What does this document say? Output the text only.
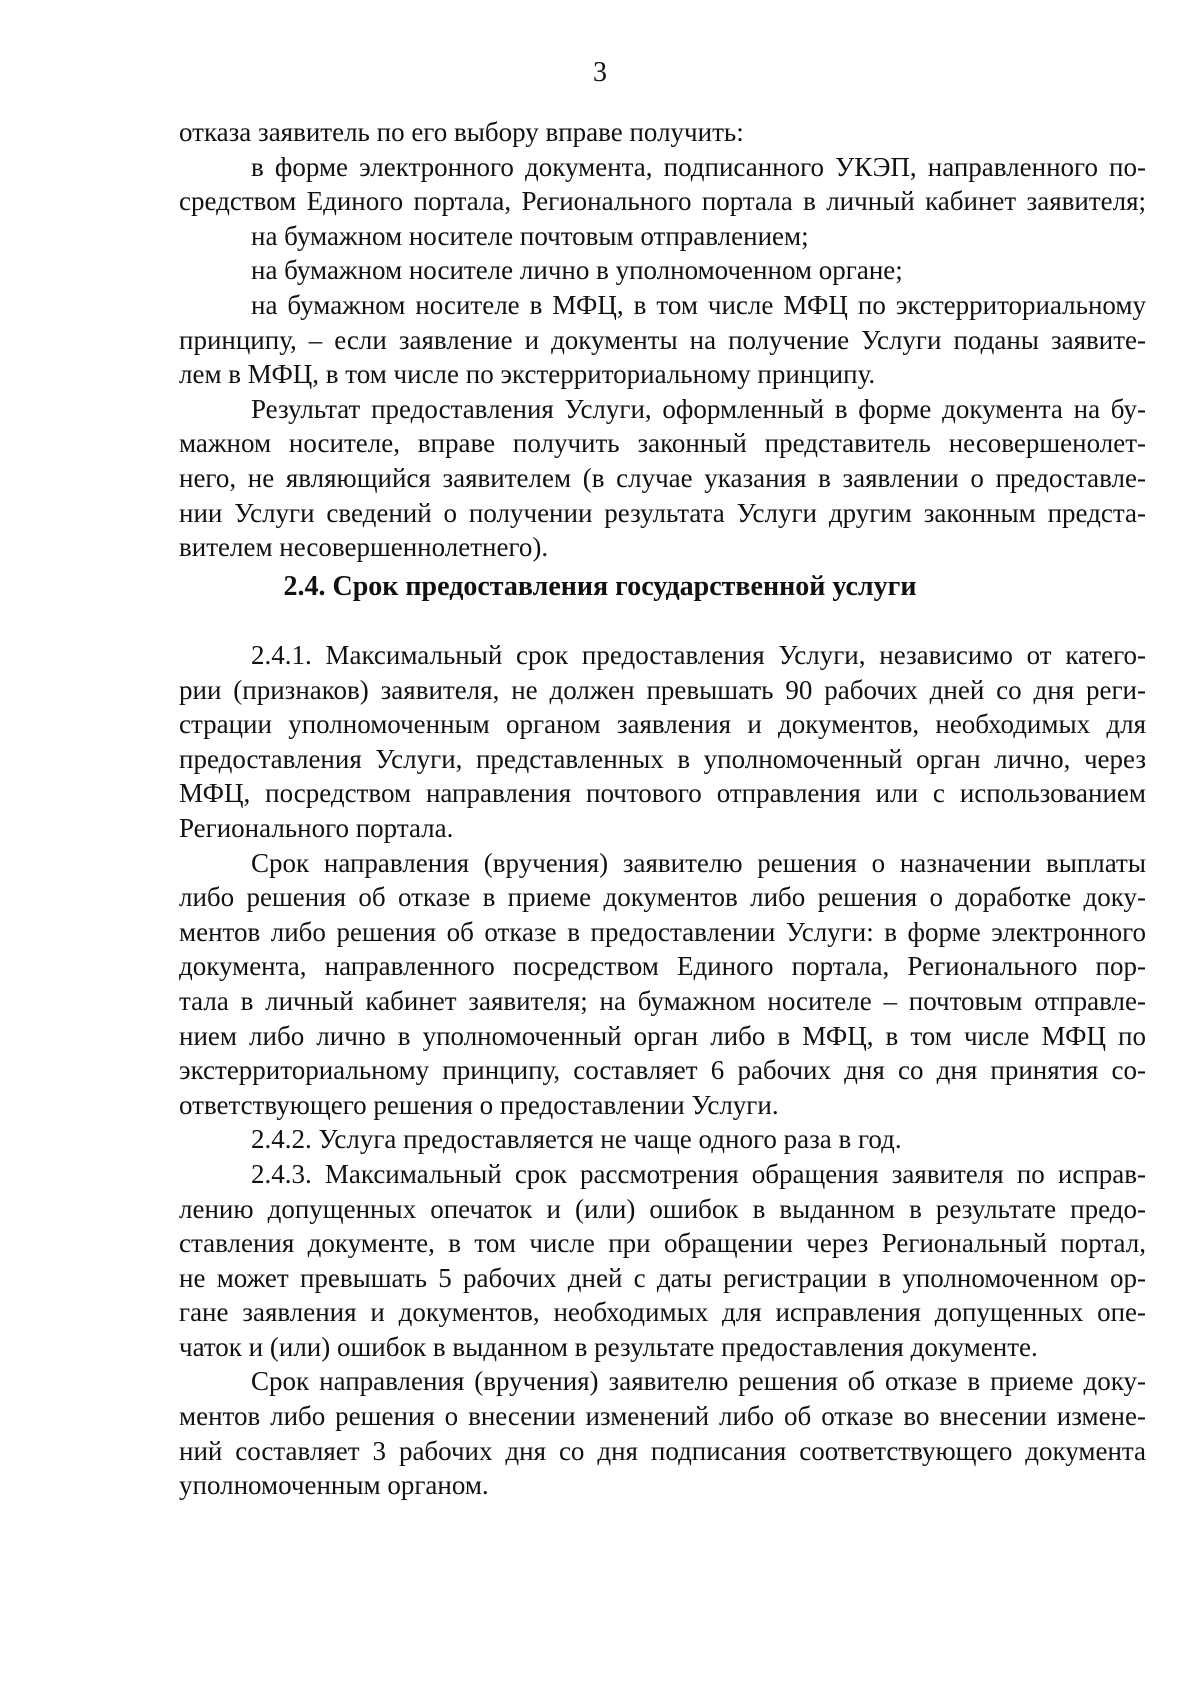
3
отказа заявитель по его выбору вправе получить:
в форме электронного документа, подписанного УКЭП, направленного по-
средством Единого портала, Регионального портала в личный кабинет заявителя;
на бумажном носителе почтовым отправлением;
на бумажном носителе лично в уполномоченном органе;
на бумажном носителе в МФЦ, в том числе МФЦ по экстерриториальному
принципу, – если заявление и документы на получение Услуги поданы заявите-
лем в МФЦ, в том числе по экстерриториальному принципу.
Результат предоставления Услуги, оформленный в форме документа на бу-
мажном носителе, вправе получить законный представитель несовершенолет-
него, не являющийся заявителем (в случае указания в заявлении о предоставле-
нии Услуги сведений о получении результата Услуги другим законным предста-
вителем несовершеннолетнего).
2.4. Срок предоставления государственной услуги
2.4.1. Максимальный срок предоставления Услуги, независимо от катего-
рии (признаков) заявителя, не должен превышать 90 рабочих дней со дня реги-
страции уполномоченным органом заявления и документов, необходимых для
предоставления Услуги, представленных в уполномоченный орган лично, через
МФЦ, посредством направления почтового отправления или с использованием
Регионального портала.
Срок направления (вручения) заявителю решения о назначении выплаты
либо решения об отказе в приеме документов либо решения о доработке доку-
ментов либо решения об отказе в предоставлении Услуги: в форме электронного
документа, направленного посредством Единого портала, Регионального пор-
тала в личный кабинет заявителя; на бумажном носителе – почтовым отправле-
нием либо лично в уполномоченный орган либо в МФЦ, в том числе МФЦ по
экстерриториальному принципу, составляет 6 рабочих дня со дня принятия со-
ответствующего решения о предоставлении Услуги.
2.4.2. Услуга предоставляется не чаще одного раза в год.
2.4.3. Максимальный срок рассмотрения обращения заявителя по исправ-
лению допущенных опечаток и (или) ошибок в выданном в результате предо-
ставления документе, в том числе при обращении через Региональный портал,
не может превышать 5 рабочих дней с даты регистрации в уполномоченном ор-
гане заявления и документов, необходимых для исправления допущенных опе-
чаток и (или) ошибок в выданном в результате предоставления документе.
Срок направления (вручения) заявителю решения об отказе в приеме доку-
ментов либо решения о внесении изменений либо об отказе во внесении измене-
ний составляет 3 рабочих дня со дня подписания соответствующего документа
уполномоченным органом.
